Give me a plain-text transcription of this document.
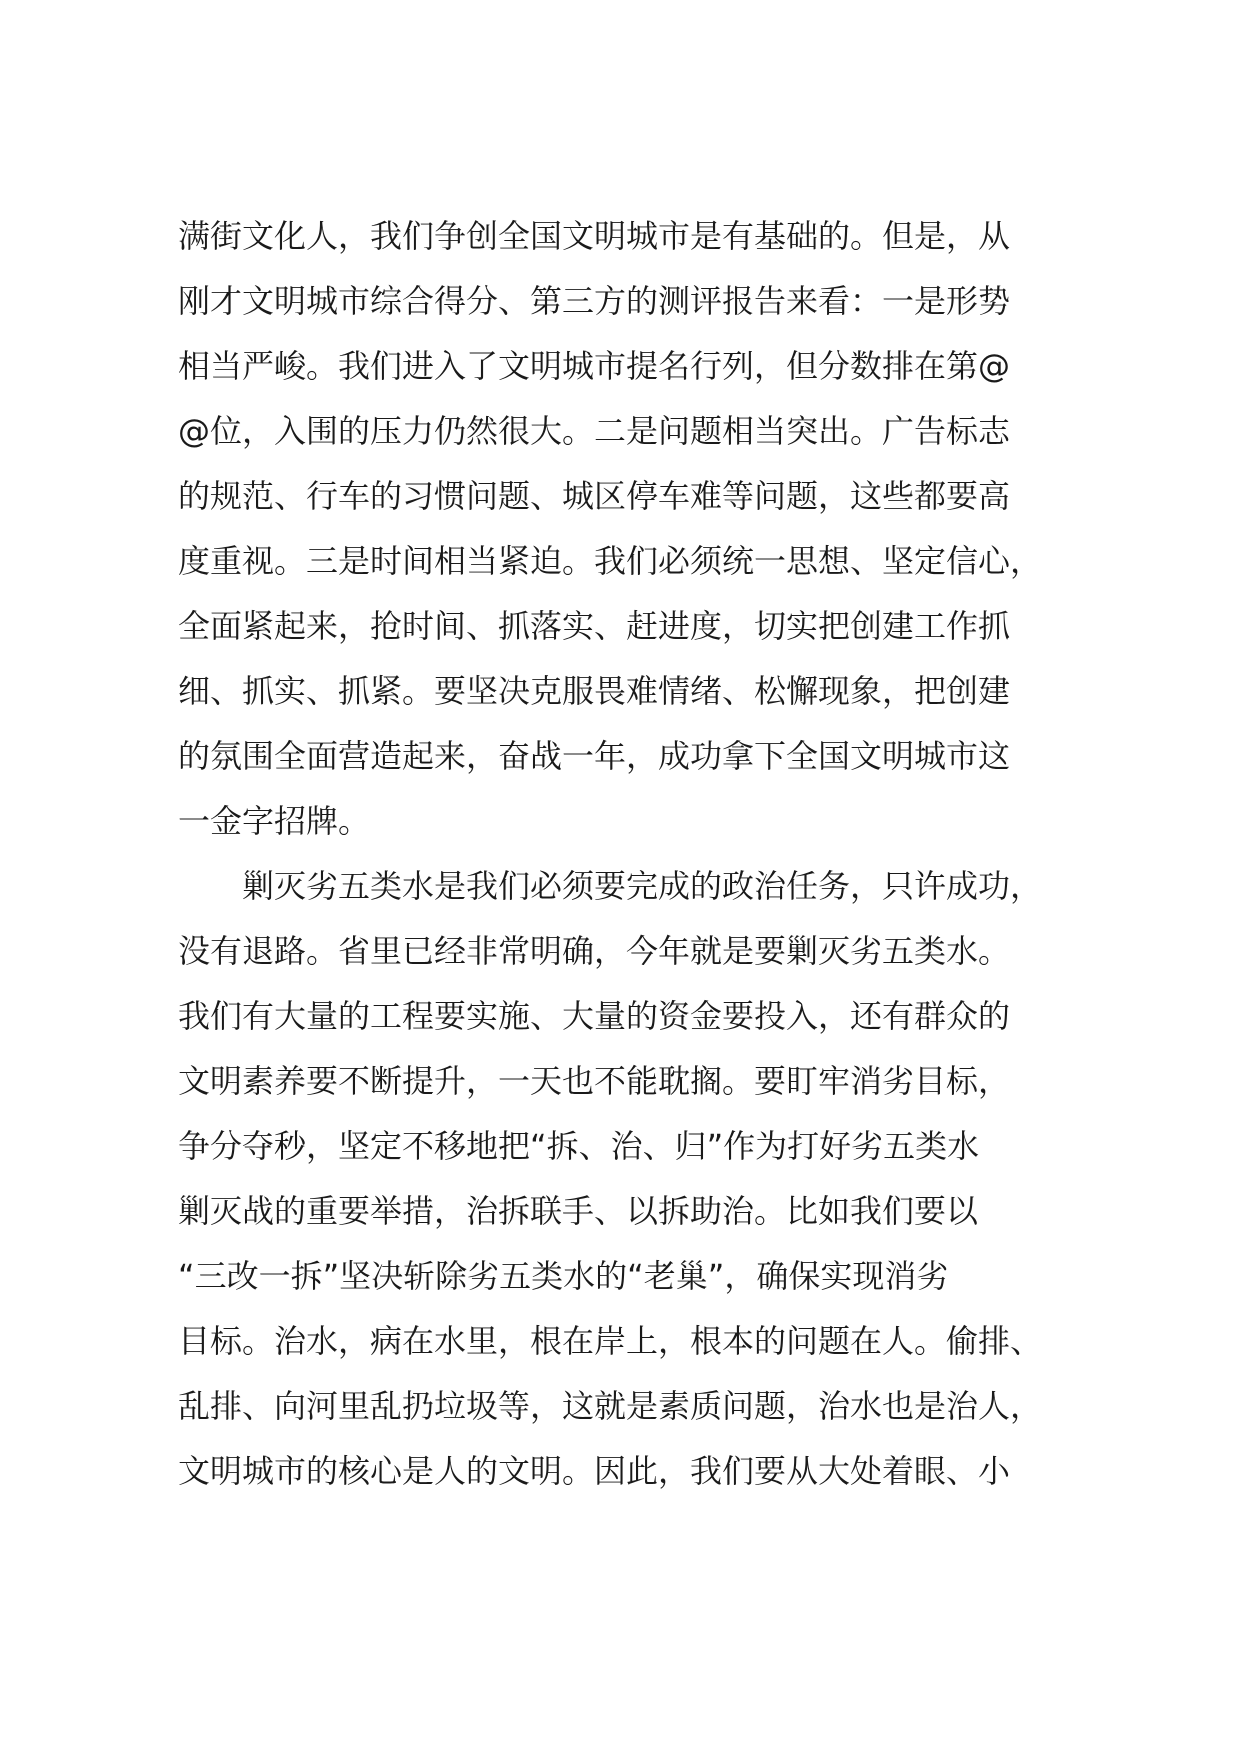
满街文化人，我们争创全国文明城市是有基础的。但是，从
刚才文明城市综合得分、第三方的测评报告来看：一是形势
相当严峻。我们进入了文明城市提名行列，但分数排在第@
@位，入围的压力仍然很大。二是问题相当突出。广告标志
的规范、行车的习惯问题、城区停车难等问题，这些都要高
度重视。三是时间相当紧迫。我们必须统一思想、坚定信心，
全面紧起来，抢时间、抓落实、赶进度，切实把创建工作抓
细、抓实、抓紧。要坚决克服畏难情绪、松懈现象，把创建
的氛围全面营造起来，奋战一年，成功拿下全国文明城市这
一金字招牌。
　　剿灭劣五类水是我们必须要完成的政治任务，只许成功，
没有退路。省里已经非常明确，今年就是要剿灭劣五类水。
我们有大量的工程要实施、大量的资金要投入，还有群众的
文明素养要不断提升，一天也不能耽搁。要盯牢消劣目标，
争分夺秒，坚定不移地把“拆、治、归”作为打好劣五类水
剿灭战的重要举措，治拆联手、以拆助治。比如我们要以
“三改一拆”坚决斩除劣五类水的“老巢”，确保实现消劣
目标。治水，病在水里，根在岸上，根本的问题在人。偷排、
乱排、向河里乱扔垃圾等，这就是素质问题，治水也是治人，
文明城市的核心是人的文明。因此，我们要从大处着眼、小
